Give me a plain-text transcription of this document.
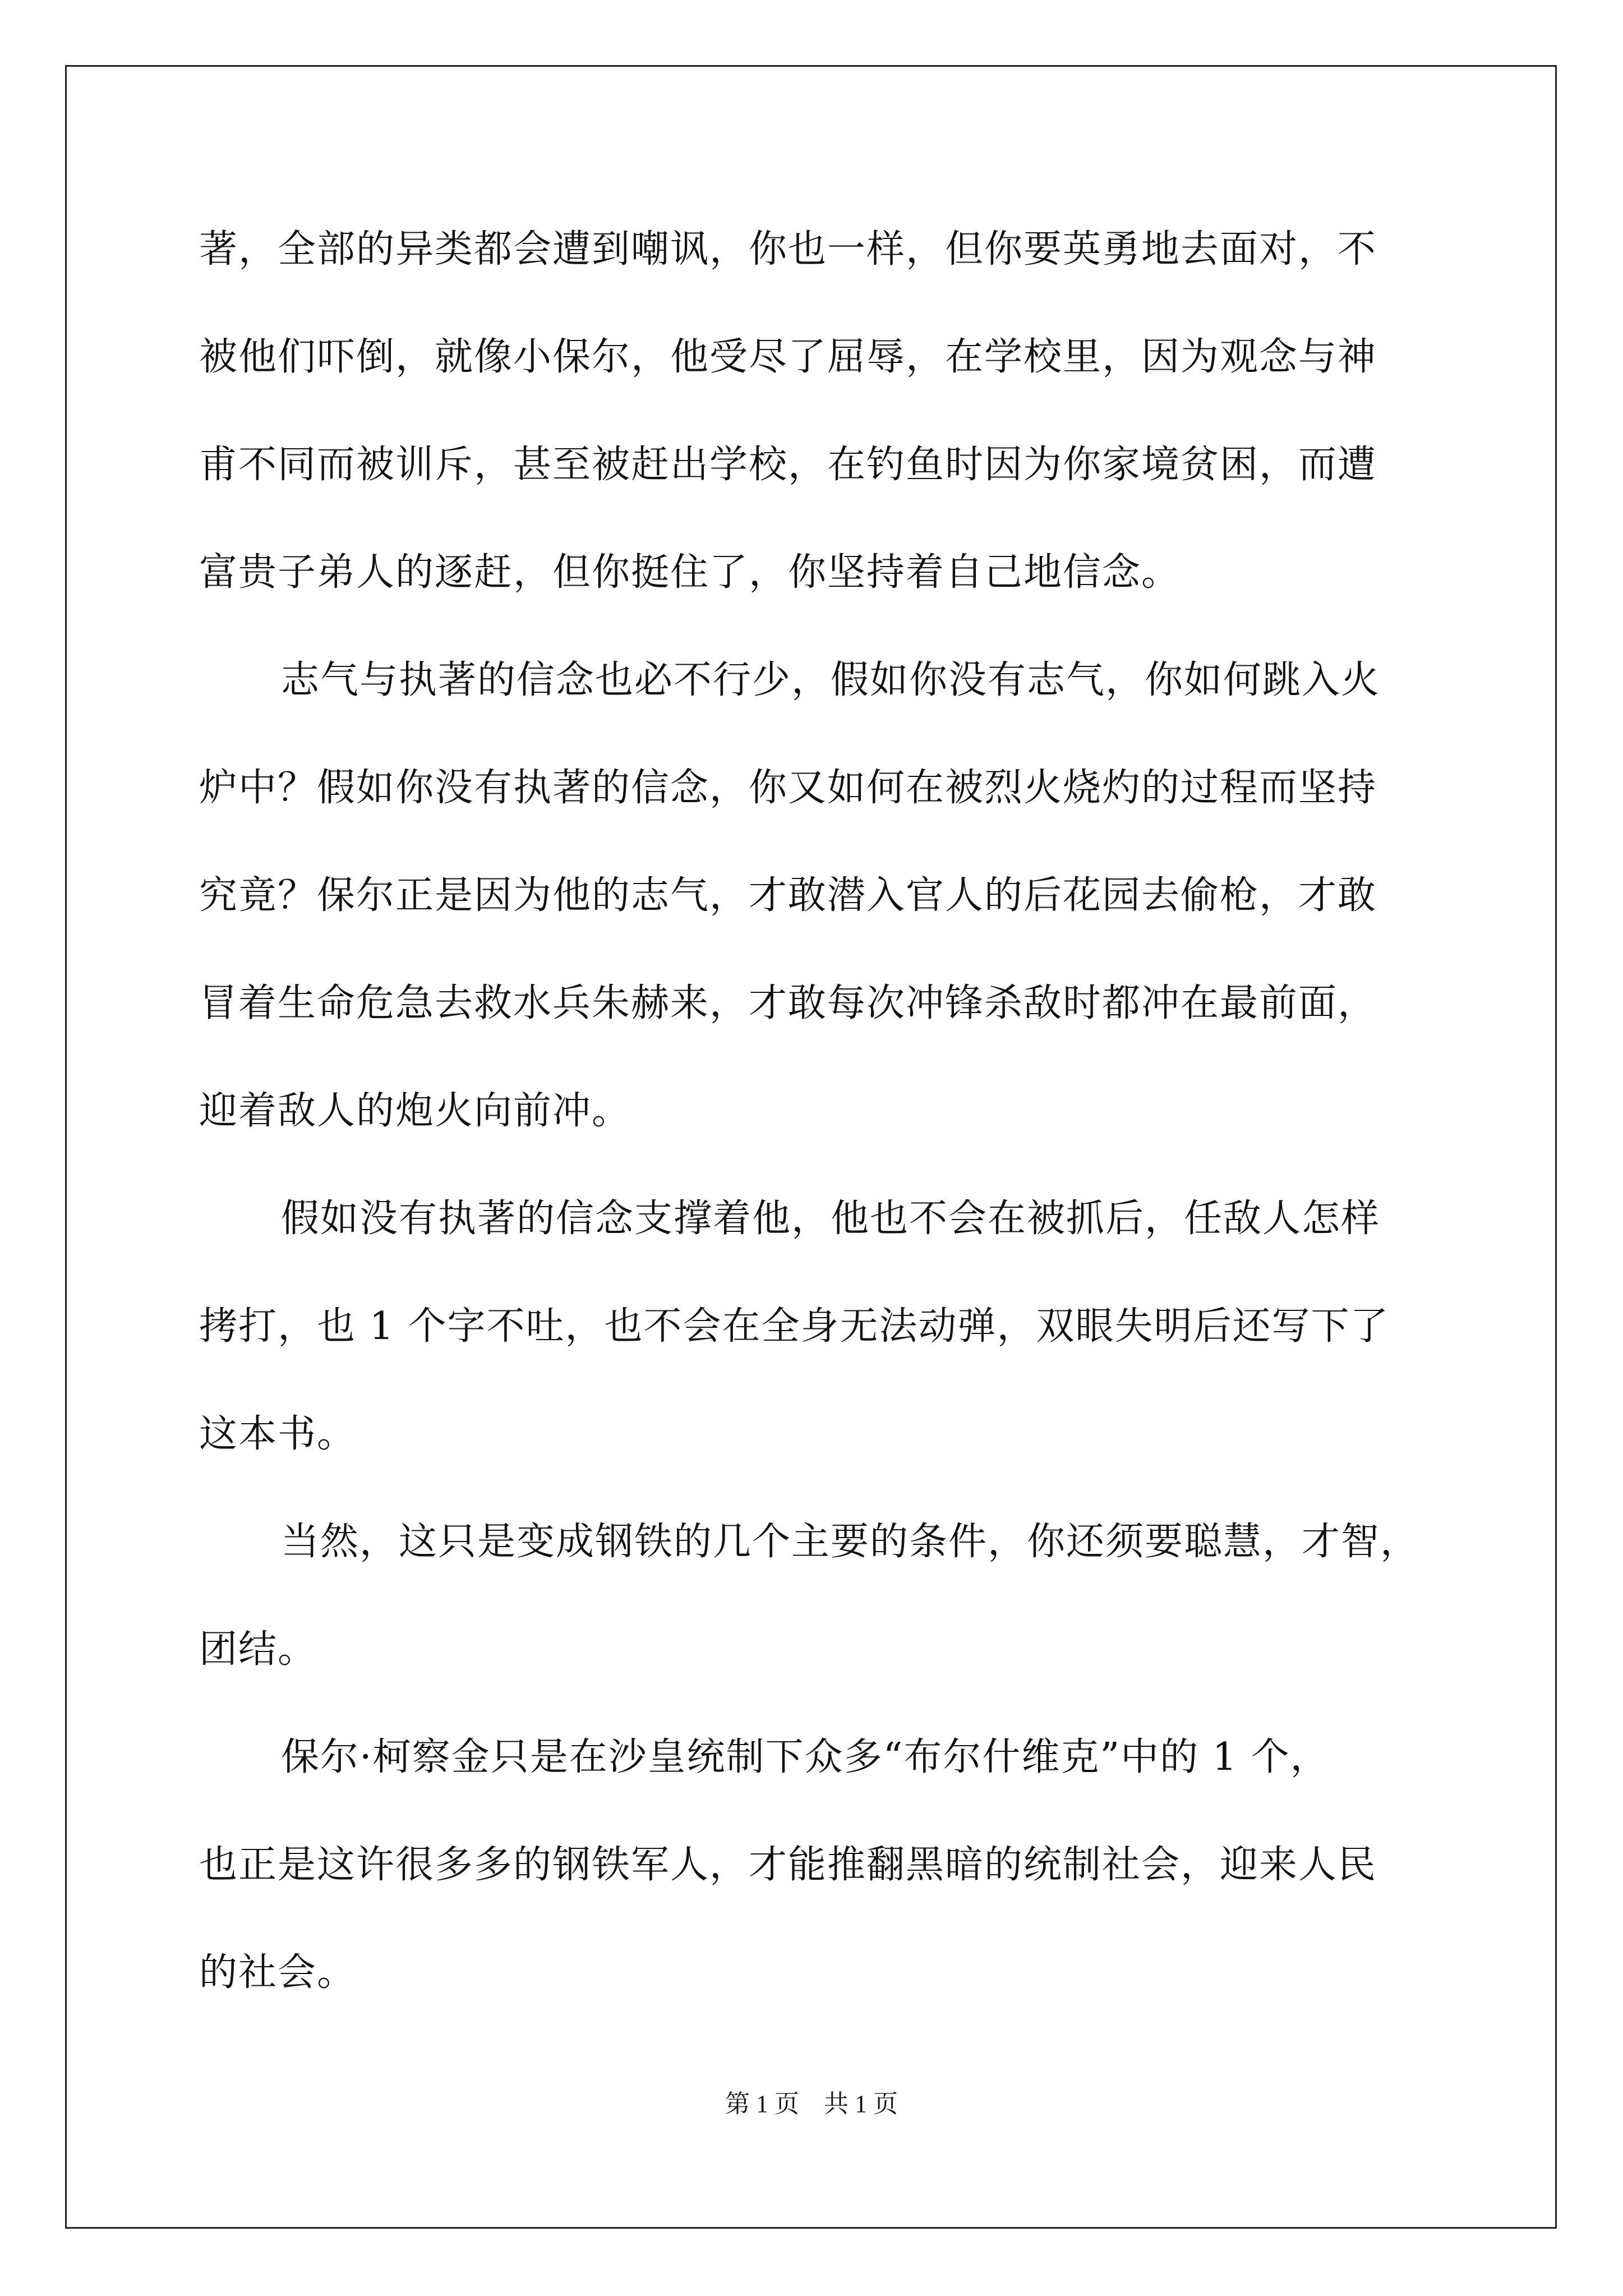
著，全部的异类都会遭到嘲讽，你也一样，但你要英勇地去面对，不
被他们吓倒，就像小保尔，他受尽了屈辱，在学校里，因为观念与神
甫不同而被训斥，甚至被赶出学校，在钓鱼时因为你家境贫困，而遭
富贵子弟人的逐赶，但你挺住了，你坚持着自己地信念。
志气与执著的信念也必不行少，假如你没有志气，你如何跳入火
炉中？假如你没有执著的信念，你又如何在被烈火烧灼的过程而坚持
究竟？保尔正是因为他的志气，才敢潜入官人的后花园去偷枪，才敢
冒着生命危急去救水兵朱赫来，才敢每次冲锋杀敌时都冲在最前面，
迎着敌人的炮火向前冲。
假如没有执著的信念支撑着他，他也不会在被抓后，任敌人怎样
拷打，也 1 个字不吐，也不会在全身无法动弹，双眼失明后还写下了
这本书。
当然，这只是变成钢铁的几个主要的条件，你还须要聪慧，才智，
团结。
保尔·柯察金只是在沙皇统制下众多“布尔什维克”中的 1 个，
也正是这许很多多的钢铁军人，才能推翻黑暗的统制社会，迎来人民
的社会。
第 1 页　共 1 页
